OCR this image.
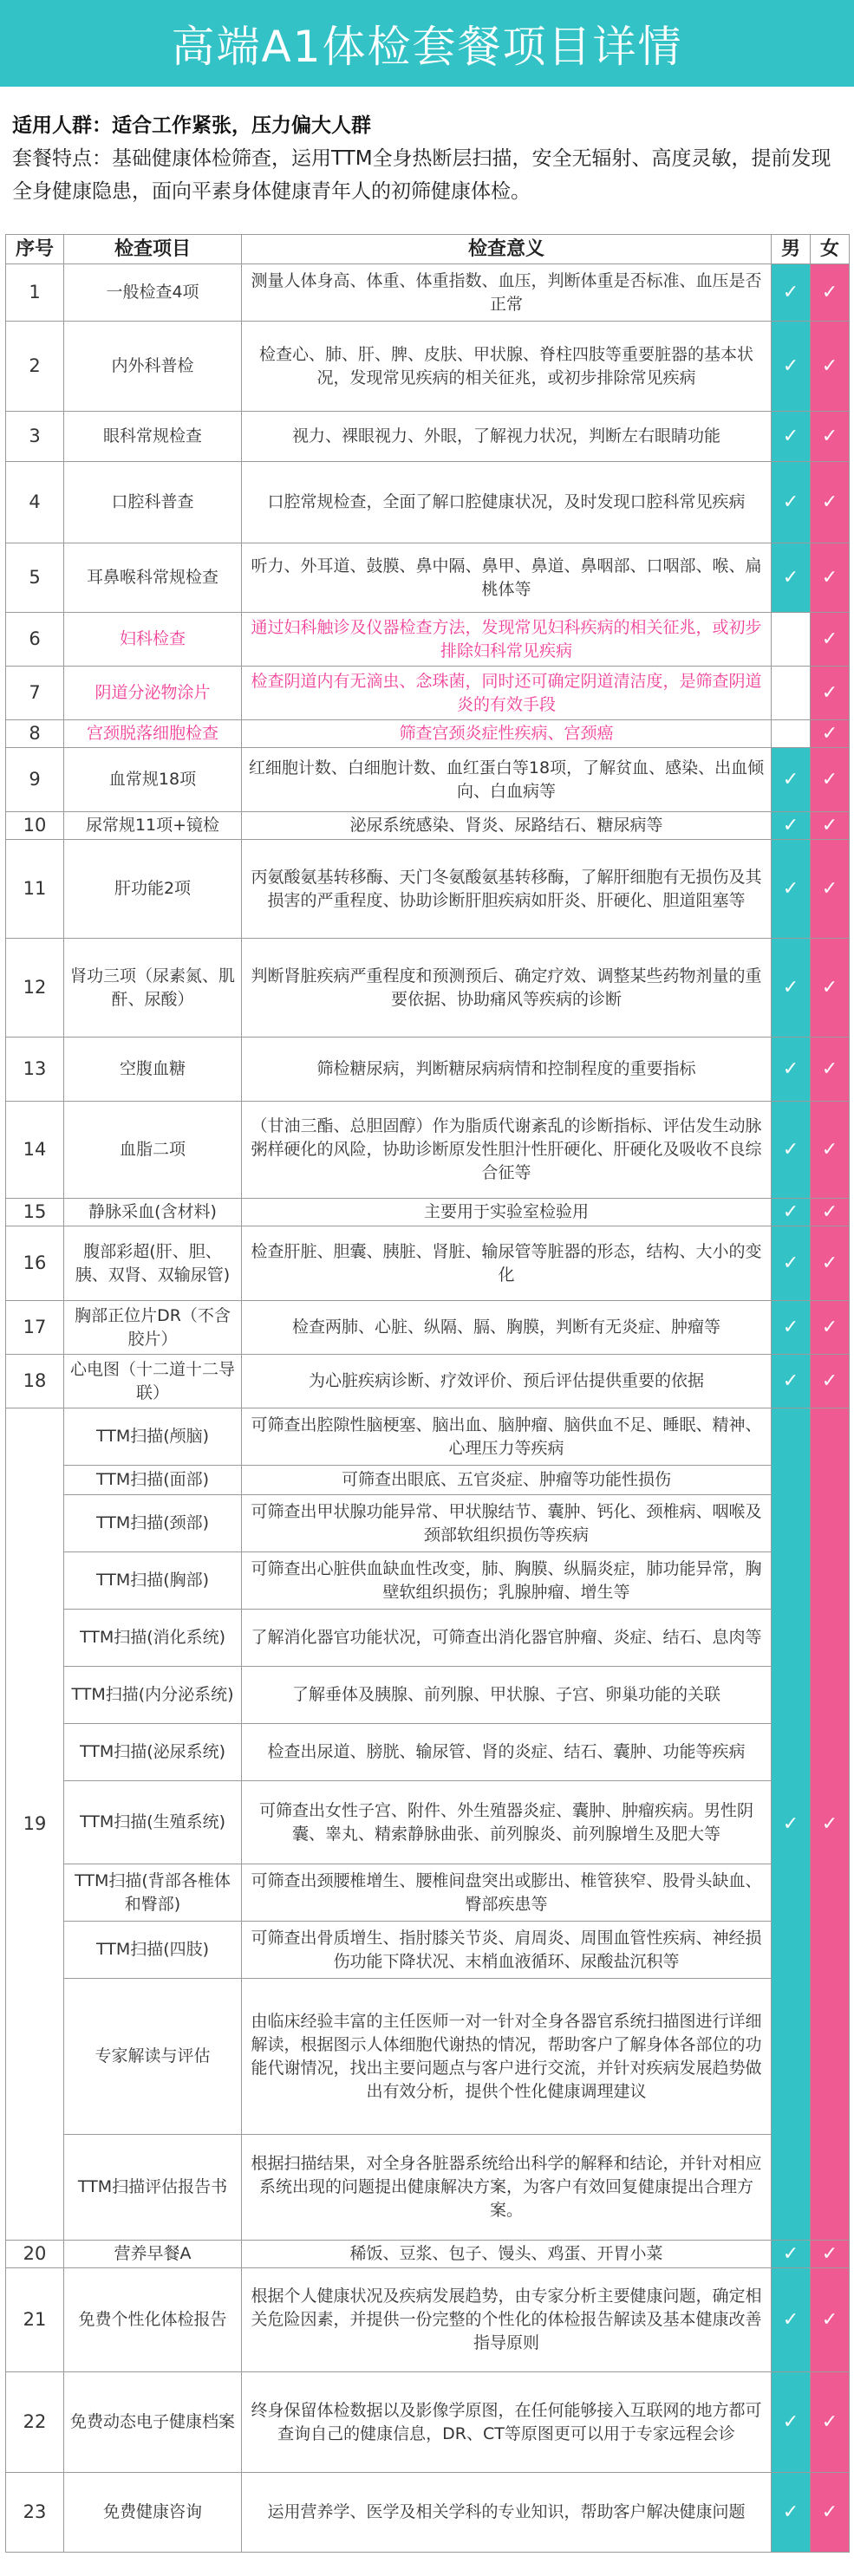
高端A1体检套餐项目详情
适用人群：适合工作紧张，压力偏大人群
套餐特点：基础健康体检筛查，运用TTM全身热断层扫描，安全无辐射、高度灵敏，提前发现全身健康隐患，面向平素身体健康青年人的初筛健康体检。
序号	检查项目	检查意义	男	女
1	一般检查4项	测量人体身高、体重、体重指数、血压，判断体重是否标准、血压是否正常	✓	✓
2	内外科普检	检查心、肺、肝、脾、皮肤、甲状腺、脊柱四肢等重要脏器的基本状况，发现常见疾病的相关征兆，或初步排除常见疾病	✓	✓
3	眼科常规检查	视力、裸眼视力、外眼，了解视力状况，判断左右眼睛功能	✓	✓
4	口腔科普查	口腔常规检查，全面了解口腔健康状况，及时发现口腔科常见疾病	✓	✓
5	耳鼻喉科常规检查	听力、外耳道、鼓膜、鼻中隔、鼻甲、鼻道、鼻咽部、口咽部、喉、扁桃体等	✓	✓
6	妇科检查	通过妇科触诊及仪器检查方法，发现常见妇科疾病的相关征兆，或初步排除妇科常见疾病		✓
7	阴道分泌物涂片	检查阴道内有无滴虫、念珠菌，同时还可确定阴道清洁度，是筛查阴道炎的有效手段		✓
8	宫颈脱落细胞检查	筛查宫颈炎症性疾病、宫颈癌		✓
9	血常规18项	红细胞计数、白细胞计数、血红蛋白等18项，了解贫血、感染、出血倾向、白血病等	✓	✓
10	尿常规11项+镜检	泌尿系统感染、肾炎、尿路结石、糖尿病等	✓	✓
11	肝功能2项	丙氨酸氨基转移酶、天门冬氨酸氨基转移酶，了解肝细胞有无损伤及其损害的严重程度、协助诊断肝胆疾病如肝炎、肝硬化、胆道阻塞等	✓	✓
12	肾功三项（尿素氮、肌酐、尿酸）	判断肾脏疾病严重程度和预测预后、确定疗效、调整某些药物剂量的重要依据、协助痛风等疾病的诊断	✓	✓
13	空腹血糖	筛检糖尿病，判断糖尿病病情和控制程度的重要指标	✓	✓
14	血脂二项	（甘油三酯、总胆固醇）作为脂质代谢紊乱的诊断指标、评估发生动脉粥样硬化的风险，协助诊断原发性胆汁性肝硬化、肝硬化及吸收不良综合征等	✓	✓
15	静脉采血(含材料)	主要用于实验室检验用	✓	✓
16	腹部彩超(肝、胆、胰、双肾、双输尿管)	检查肝脏、胆囊、胰脏、肾脏、输尿管等脏器的形态，结构、大小的变化	✓	✓
17	胸部正位片DR（不含胶片）	检查两肺、心脏、纵隔、膈、胸膜，判断有无炎症、肿瘤等	✓	✓
18	心电图（十二道十二导联）	为心脏疾病诊断、疗效评价、预后评估提供重要的依据	✓	✓
19	TTM扫描(颅脑)	可筛查出腔隙性脑梗塞、脑出血、脑肿瘤、脑供血不足、睡眠、精神、心理压力等疾病	✓	✓
	TTM扫描(面部)	可筛查出眼底、五官炎症、肿瘤等功能性损伤		
	TTM扫描(颈部)	可筛查出甲状腺功能异常、甲状腺结节、囊肿、钙化、颈椎病、咽喉及颈部软组织损伤等疾病		
	TTM扫描(胸部)	可筛查出心脏供血缺血性改变，肺、胸膜、纵膈炎症，肺功能异常，胸壁软组织损伤；乳腺肿瘤、增生等		
	TTM扫描(消化系统)	了解消化器官功能状况，可筛查出消化器官肿瘤、炎症、结石、息肉等		
	TTM扫描(内分泌系统)	了解垂体及胰腺、前列腺、甲状腺、子宫、卵巢功能的关联		
	TTM扫描(泌尿系统)	检查出尿道、膀胱、输尿管、肾的炎症、结石、囊肿、功能等疾病		
	TTM扫描(生殖系统)	可筛查出女性子宫、附件、外生殖器炎症、囊肿、肿瘤疾病。男性阴囊、睾丸、精索静脉曲张、前列腺炎、前列腺增生及肥大等		
	TTM扫描(背部各椎体和臀部)	可筛查出颈腰椎增生、腰椎间盘突出或膨出、椎管狭窄、股骨头缺血、臀部疾患等		
	TTM扫描(四肢)	可筛查出骨质增生、指肘膝关节炎、肩周炎、周围血管性疾病、神经损伤功能下降状况、末梢血液循环、尿酸盐沉积等		
	专家解读与评估	由临床经验丰富的主任医师一对一针对全身各器官系统扫描图进行详细解读，根据图示人体细胞代谢热的情况，帮助客户了解身体各部位的功能代谢情况，找出主要问题点与客户进行交流，并针对疾病发展趋势做出有效分析，提供个性化健康调理建议		
	TTM扫描评估报告书	根据扫描结果，对全身各脏器系统给出科学的解释和结论，并针对相应系统出现的问题提出健康解决方案，为客户有效回复健康提出合理方案。		
20	营养早餐A	稀饭、豆浆、包子、馒头、鸡蛋、开胃小菜	✓	✓
21	免费个性化体检报告	根据个人健康状况及疾病发展趋势，由专家分析主要健康问题，确定相关危险因素，并提供一份完整的个性化的体检报告解读及基本健康改善指导原则	✓	✓
22	免费动态电子健康档案	终身保留体检数据以及影像学原图，在任何能够接入互联网的地方都可查询自己的健康信息，DR、CT等原图更可以用于专家远程会诊	✓	✓
23	免费健康咨询	运用营养学、医学及相关学科的专业知识，帮助客户解决健康问题	✓	✓
